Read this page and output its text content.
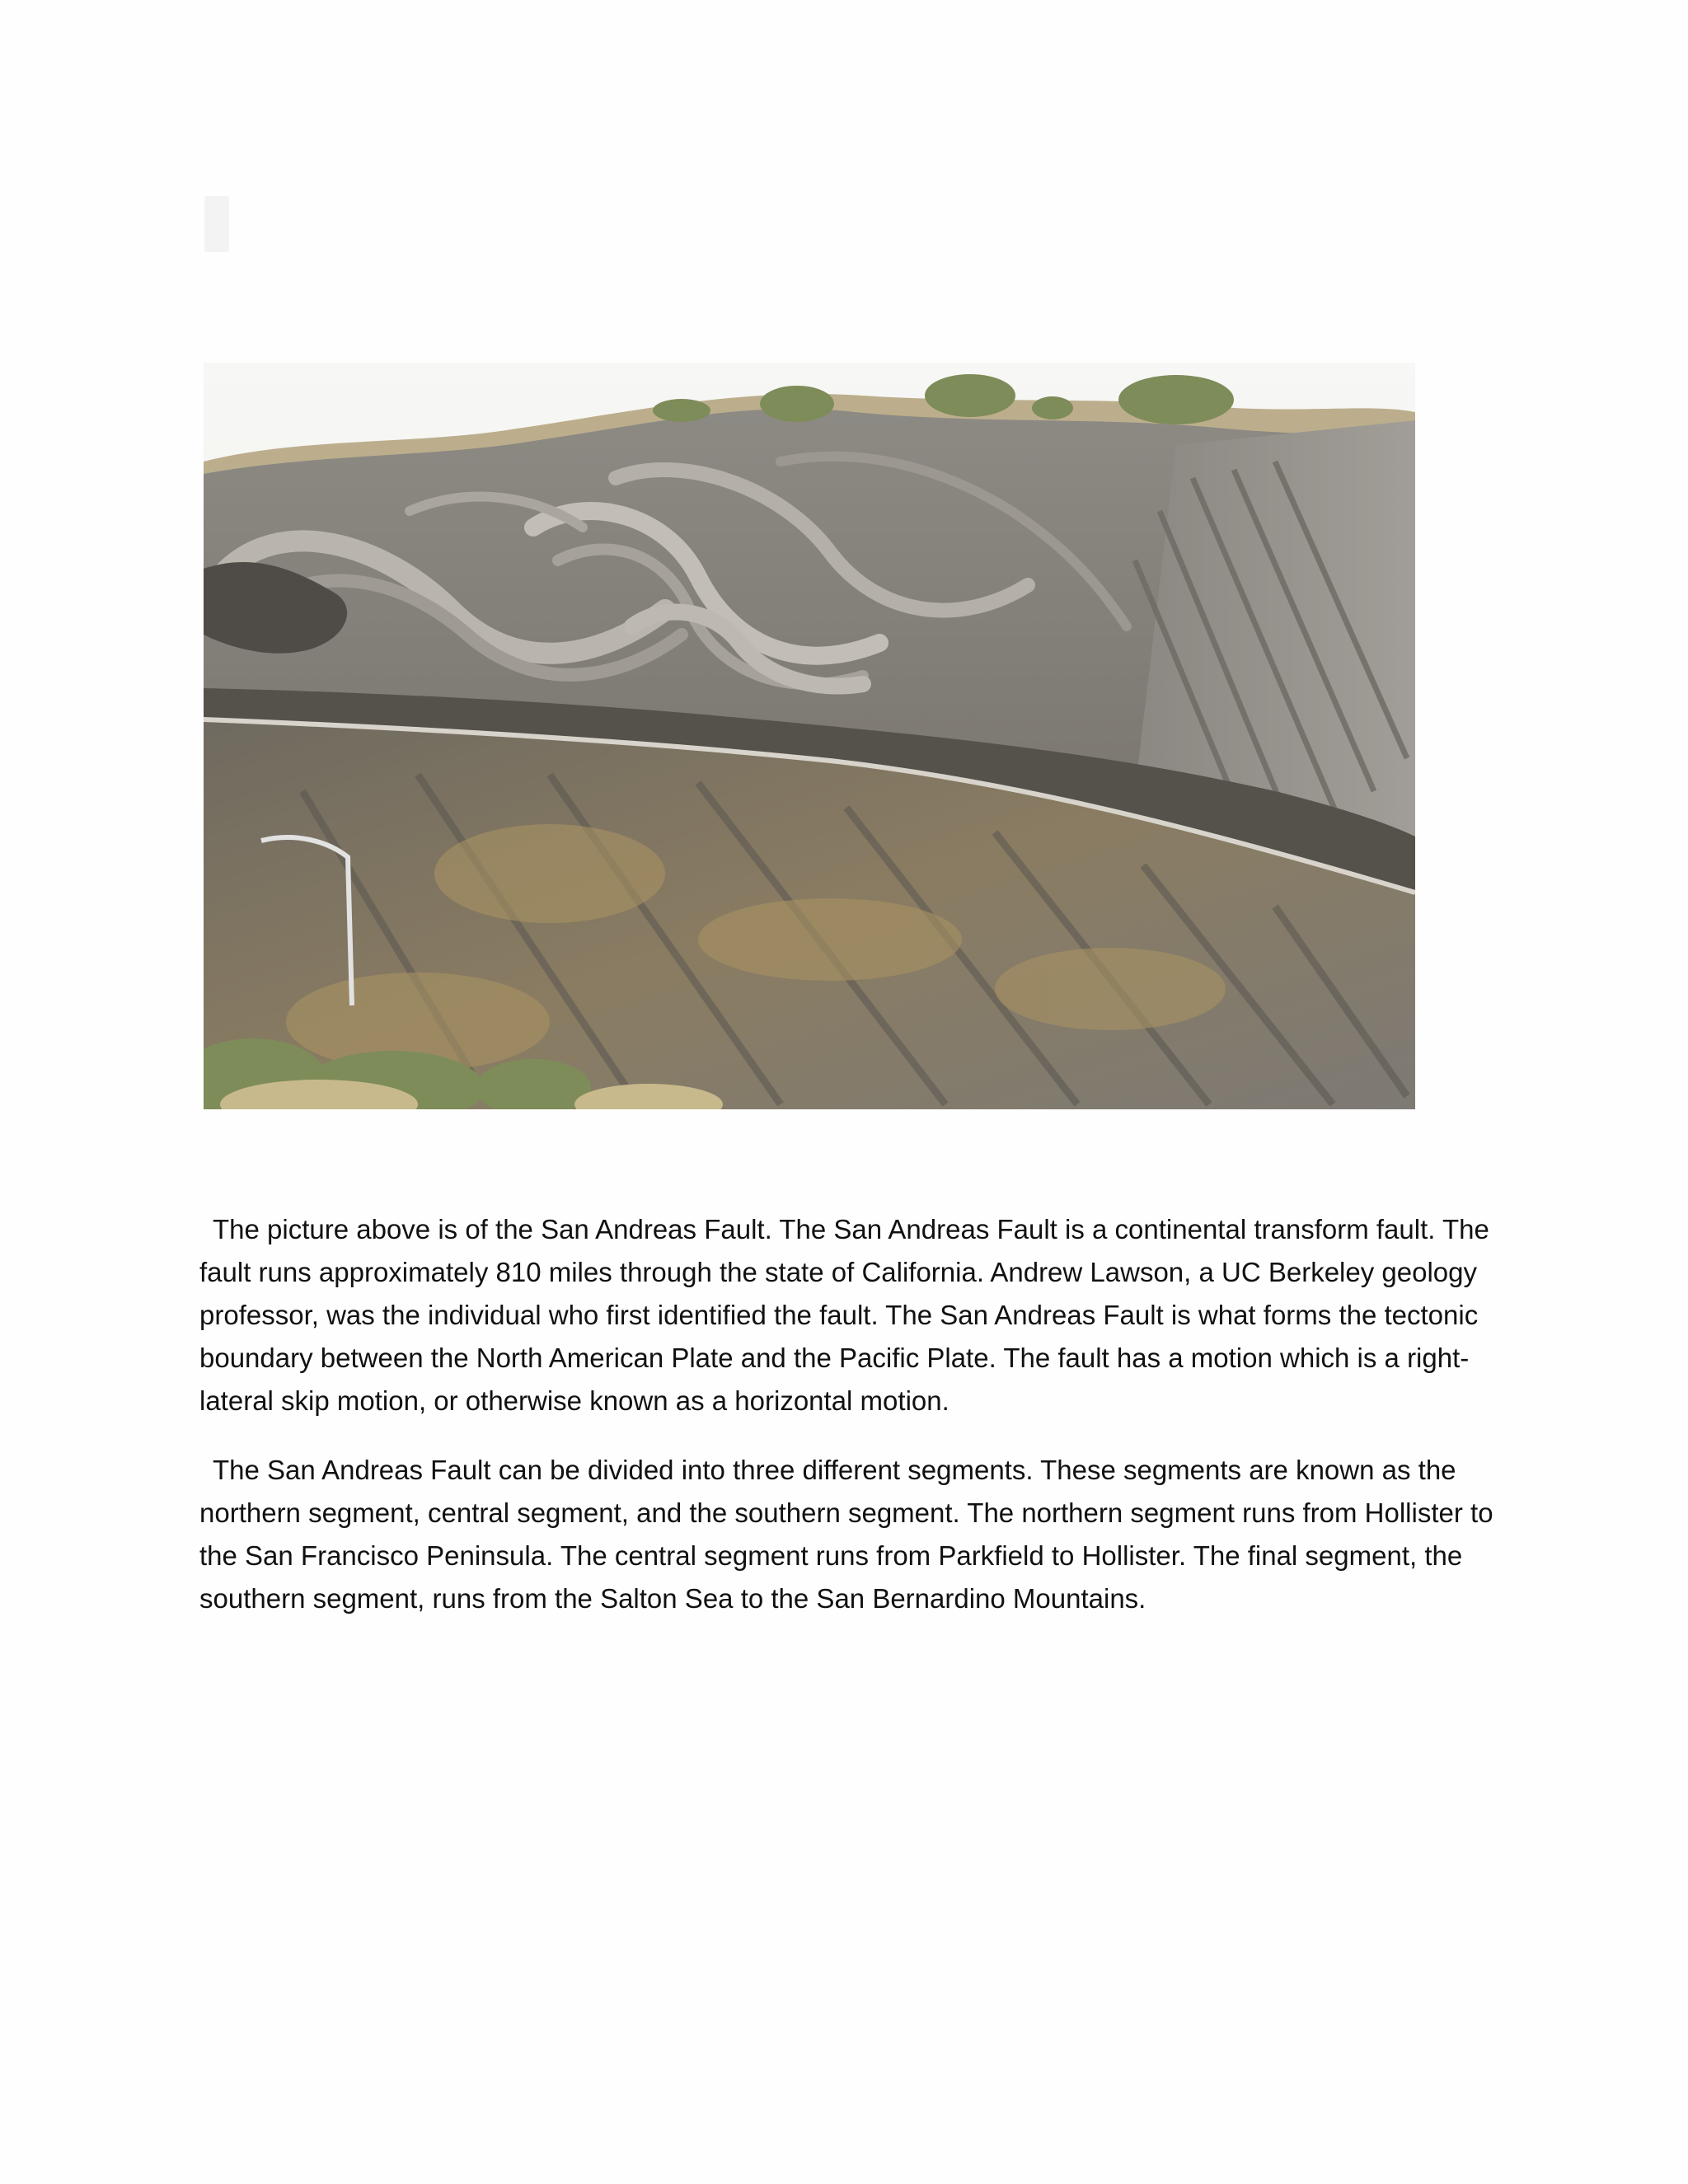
The picture above is of the San Andreas Fault. The San Andreas Fault is a continental transform fault. The fault runs approximately 810 miles through the state of California. Andrew Lawson, a UC Berkeley geology professor, was the individual who first identified the fault. The San Andreas Fault is what forms the tectonic boundary between the North American Plate and the Pacific Plate. The fault has a motion which is a right-lateral skip motion, or otherwise known as a horizontal motion.

The San Andreas Fault can be divided into three different segments. These segments are known as the northern segment, central segment, and the southern segment. The northern segment runs from Hollister to the San Francisco Peninsula. The central segment runs from Parkfield to Hollister. The final segment, the southern segment, runs from the Salton Sea to the San Bernardino Mountains.
